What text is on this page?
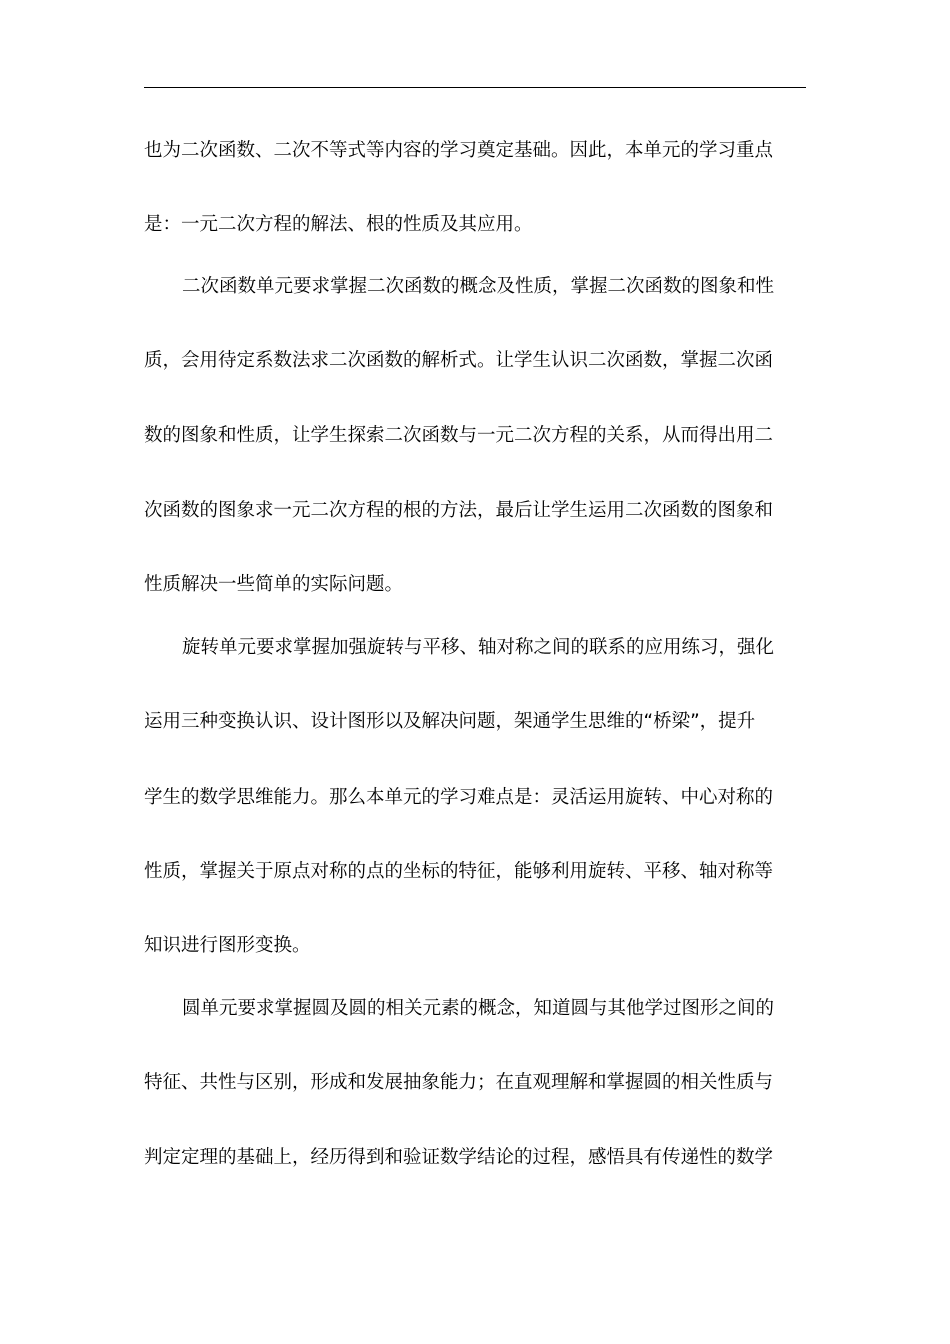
也为二次函数、二次不等式等内容的学习奠定基础。因此，本单元的学习重点
是：一元二次方程的解法、根的性质及其应用。
二次函数单元要求掌握二次函数的概念及性质，掌握二次函数的图象和性
质，会用待定系数法求二次函数的解析式。让学生认识二次函数，掌握二次函
数的图象和性质，让学生探索二次函数与一元二次方程的关系，从而得出用二
次函数的图象求一元二次方程的根的方法，最后让学生运用二次函数的图象和
性质解决一些简单的实际问题。
旋转单元要求掌握加强旋转与平移、轴对称之间的联系的应用练习，强化
运用三种变换认识、设计图形以及解决问题，架通学生思维的“桥梁”，提升
学生的数学思维能力。那么本单元的学习难点是：灵活运用旋转、中心对称的
性质，掌握关于原点对称的点的坐标的特征，能够利用旋转、平移、轴对称等
知识进行图形变换。
圆单元要求掌握圆及圆的相关元素的概念，知道圆与其他学过图形之间的
特征、共性与区别，形成和发展抽象能力；在直观理解和掌握圆的相关性质与
判定定理的基础上，经历得到和验证数学结论的过程，感悟具有传递性的数学
